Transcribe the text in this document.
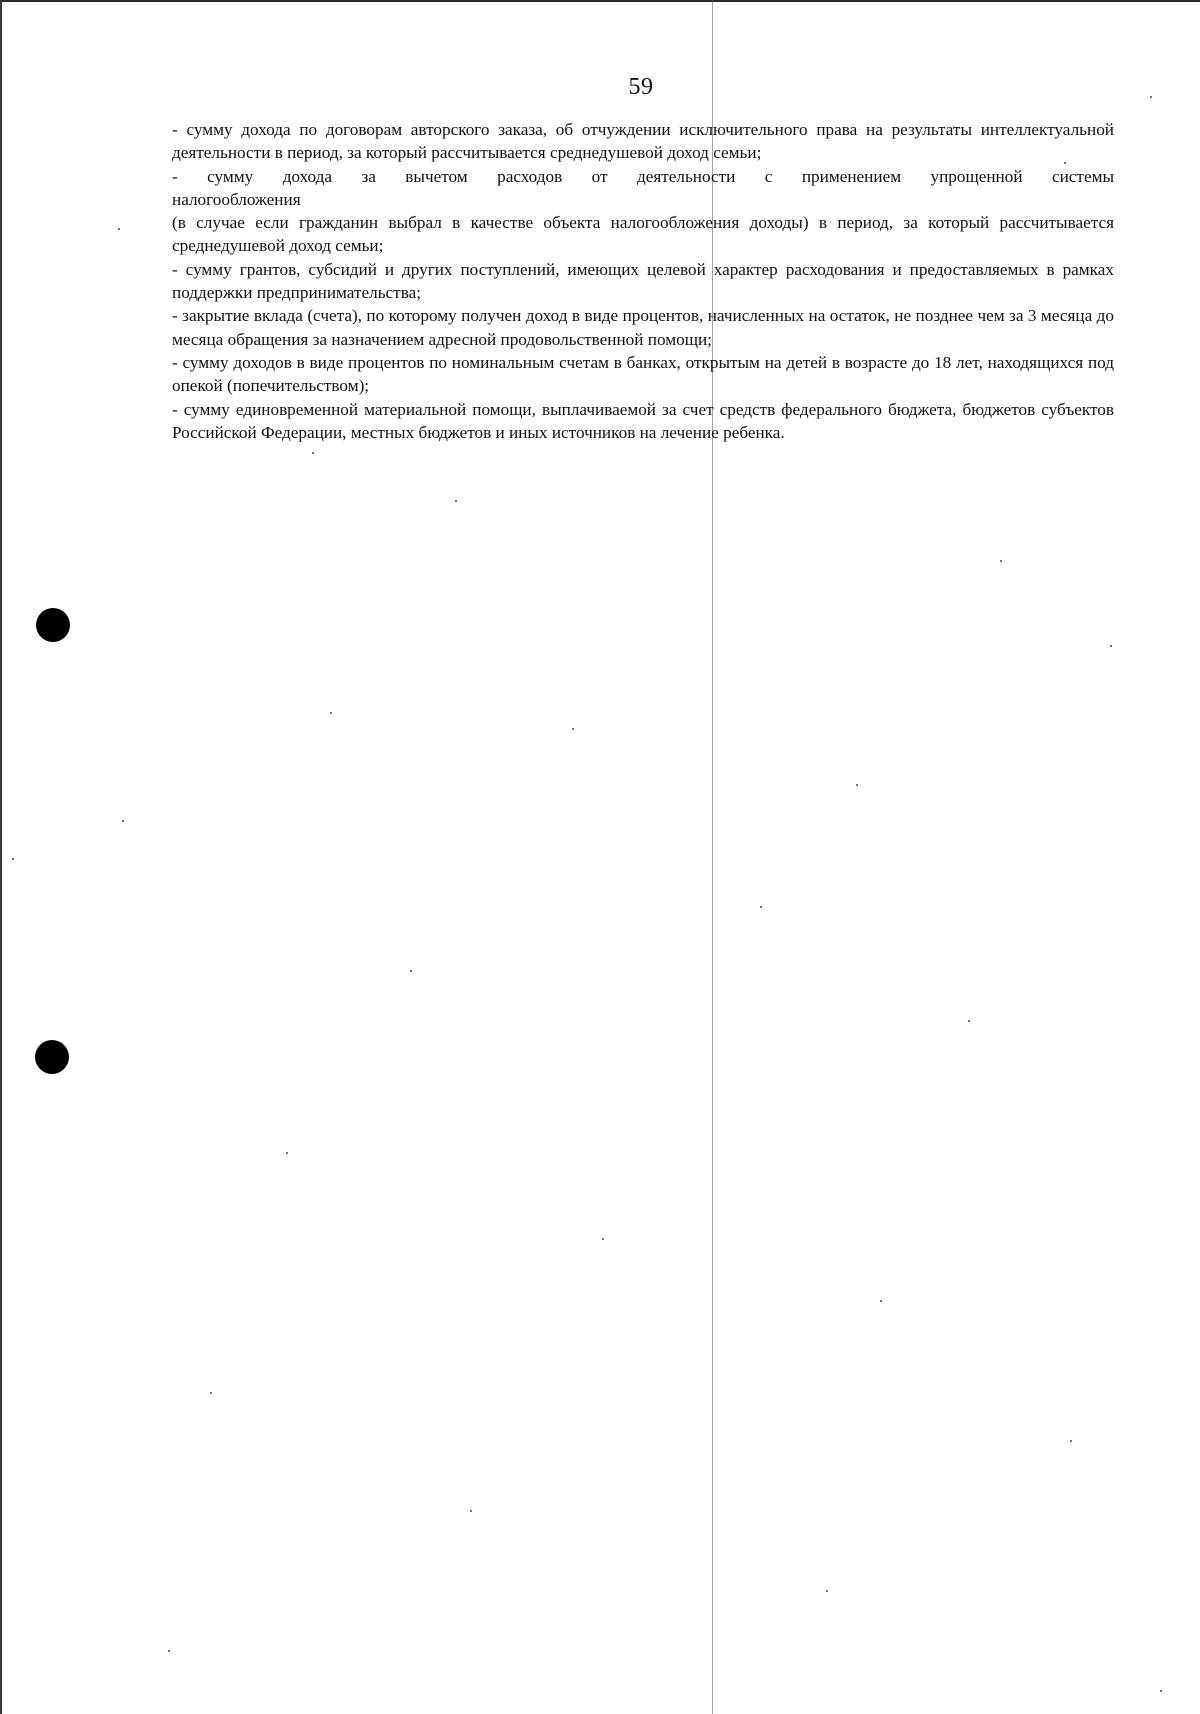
59

- сумму дохода по договорам авторского заказа, об отчуждении исключительного права на результаты интеллектуальной деятельности в период, за который рассчитывается среднедушевой доход семьи;

- сумму дохода за вычетом расходов от деятельности с применением упрощенной системы

налогообложения

(в случае если гражданин выбрал в качестве объекта налогообложения доходы) в период, за который рассчитывается среднедушевой доход семьи;

- сумму грантов, субсидий и других поступлений, имеющих целевой характер расходования и предоставляемых в рамках поддержки предпринимательства;

- закрытие вклада (счета), по которому получен доход в виде процентов, начисленных на остаток, не позднее чем за 3 месяца до месяца обращения за назначением адресной продовольственной помощи;

- сумму доходов в виде процентов по номинальным счетам в банках, открытым на детей в возрасте до 18 лет, находящихся под опекой (попечительством);

- сумму единовременной материальной помощи, выплачиваемой за счет средств федерального бюджета, бюджетов субъектов Российской Федерации, местных бюджетов и иных источников на лечение ребенка.
